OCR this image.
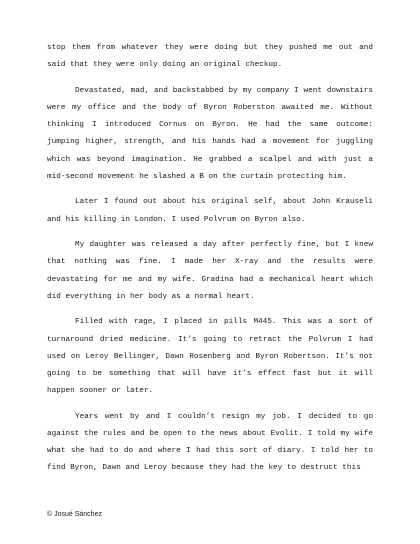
stop them from whatever they were doing but they pushed me out and said that they were only doing an original checkup.

Devastated, mad, and backstabbed by my company I went downstairs were my office and the body of Byron Roberston awaited me. Without thinking I introduced Cornus on Byron. He had the same outcome: jumping higher, strength, and his hands had a movement for juggling which was beyond imagination. He grabbed a scalpel and with just a mid-second movement he slashed a B on the curtain protecting him.

Later I found out about his original self, about John Krauseli and his killing in London. I used Polvrum on Byron also.

My daughter was released a day after perfectly fine, but I knew that nothing was fine. I made her X-ray and the results were devastating for me and my wife. Gradina had a mechanical heart which did everything in her body as a normal heart.

Filled with rage, I placed in pills M445. This was a sort of turnaround dried medicine. It’s going to retract the Polvrum I had used on Leroy Bellinger, Dawn Rosenberg and Byron Robertson. It’s not going to be something that will have it’s effect fast but it will happen sooner or later.

Years went by and I couldn’t resign my job. I decided to go against the rules and be open to the news about Evolit. I told my wife what she had to do and where I had this sort of diary. I told her to find Byron, Dawn and Leroy because they had the key to destruct this

© Josué Sánchez
